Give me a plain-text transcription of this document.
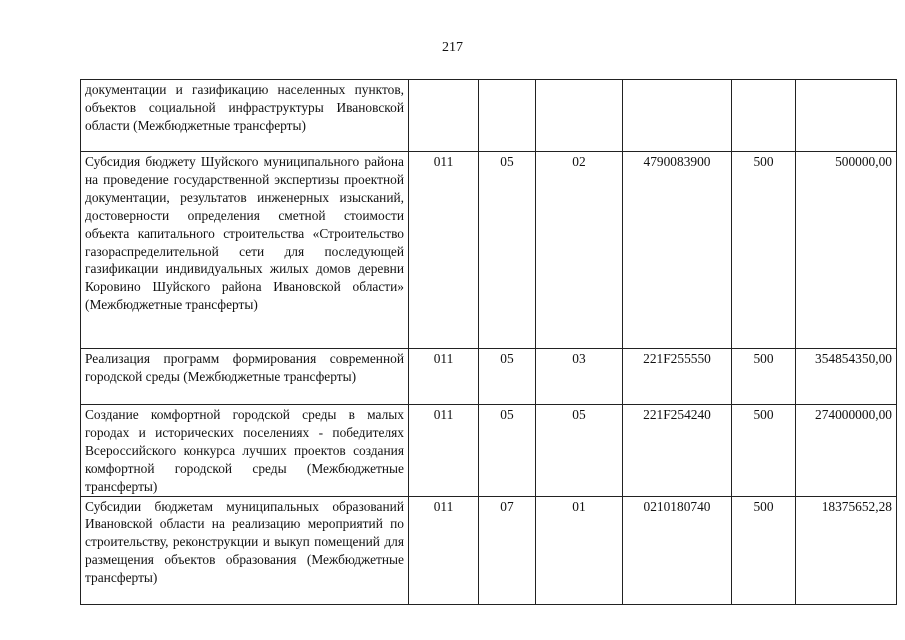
217
документации и газификацию населенных пунктов, объектов социальной инфраструктуры Ивановской области (Межбюджетные трансферты)						
Субсидия бюджету Шуйского муниципального района на проведение государственной экспертизы проектной документации, результатов инженерных изысканий, достоверности определения сметной стоимости объекта капитального строительства «Строительство газораспределительной сети для последующей газификации индивидуальных жилых домов деревни Коровино Шуйского района Ивановской области» (Межбюджетные трансферты)	011	05	02	4790083900	500	500000,00
Реализация программ формирования современной городской среды (Межбюджетные трансферты)	011	05	03	221F255550	500	354854350,00
Создание комфортной городской среды в малых городах и исторических поселениях - победителях Всероссийского конкурса лучших проектов создания комфортной городской среды (Межбюджетные трансферты)	011	05	05	221F254240	500	274000000,00
Субсидии бюджетам муниципальных образований Ивановской области на реализацию мероприятий по строительству, реконструкции и выкуп помещений для размещения объектов образования (Межбюджетные трансферты)	011	07	01	0210180740	500	18375652,28
